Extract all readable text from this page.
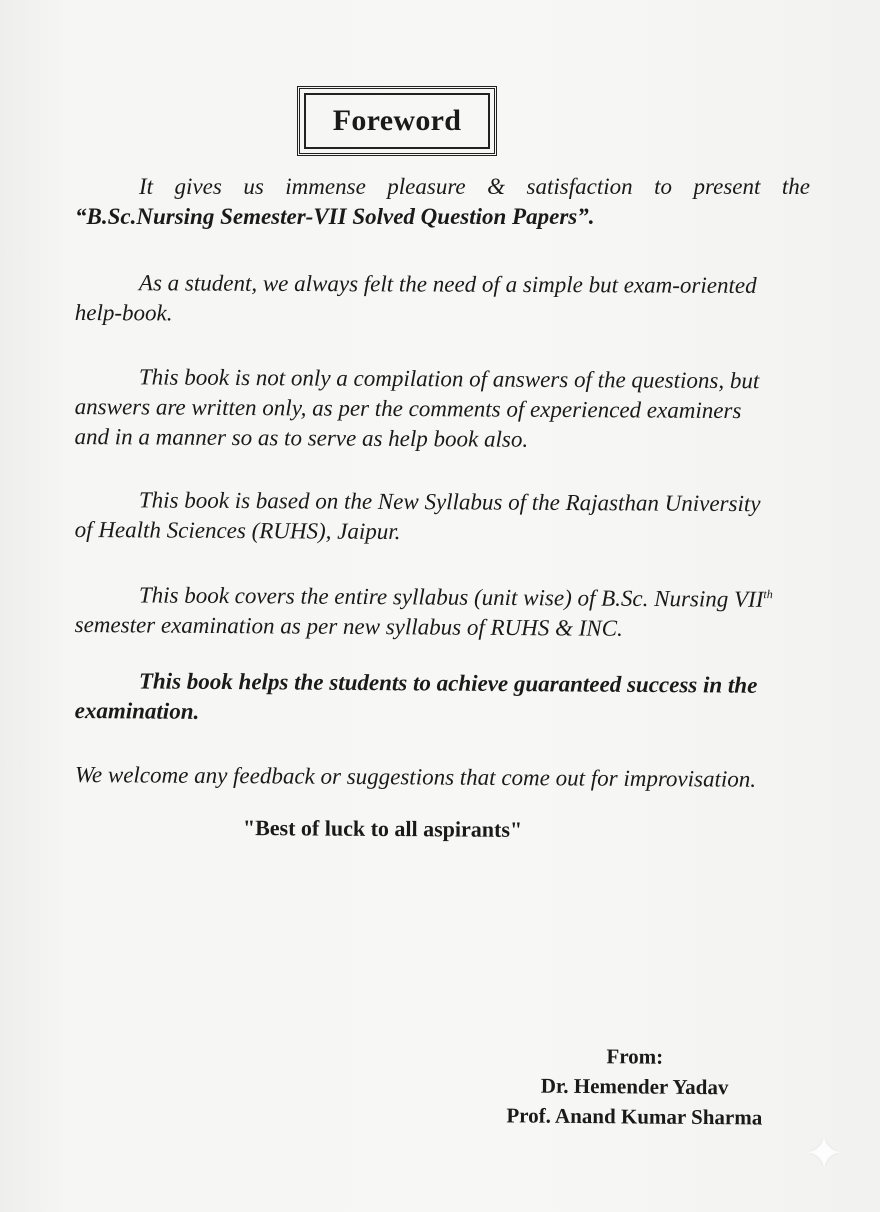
Foreword

It gives us immense pleasure & satisfaction to present the
“B.Sc.Nursing Semester-VII Solved Question Papers”.

As a student, we always felt the need of a simple but exam-oriented
help-book.

This book is not only a compilation of answers of the questions, but
answers are written only, as per the comments of experienced examiners
and in a manner so as to serve as help book also.

This book is based on the New Syllabus of the Rajasthan University
of Health Sciences (RUHS), Jaipur.

This book covers the entire syllabus (unit wise) of B.Sc. Nursing VIIth
semester examination as per new syllabus of RUHS & INC.

This book helps the students to achieve guaranteed success in the
examination.

We welcome any feedback or suggestions that come out for improvisation.

"Best of luck to all aspirants"
From:
Dr. Hemender Yadav
Prof. Anand Kumar Sharma
✦
